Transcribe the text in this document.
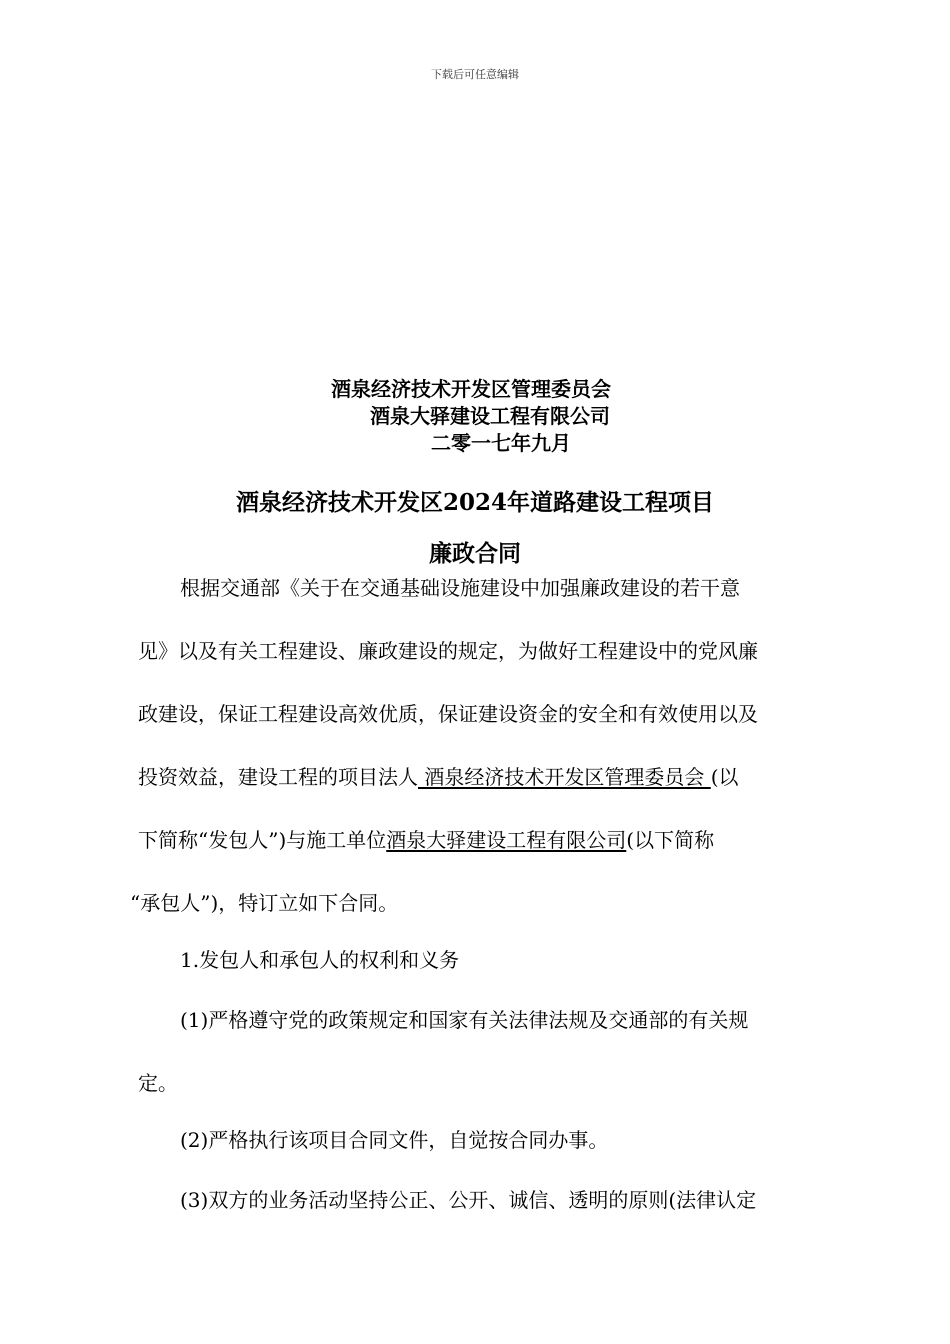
下载后可任意编辑
酒泉经济技术开发区管理委员会
酒泉大驿建设工程有限公司
二零一七年九月
酒泉经济技术开发区2024年道路建设工程项目
廉政合同
根据交通部《关于在交通基础设施建设中加强廉政建设的若干意
见》以及有关工程建设、廉政建设的规定，为做好工程建设中的党风廉
政建设，保证工程建设高效优质，保证建设资金的安全和有效使用以及
投资效益，建设工程的项目法人 酒泉经济技术开发区管理委员会 (以
下简称“发包人”)与施工单位酒泉大驿建设工程有限公司(以下简称
“承包人”)，特订立如下合同。
1.发包人和承包人的权利和义务
(1)严格遵守党的政策规定和国家有关法律法规及交通部的有关规
定。
(2)严格执行该项目合同文件，自觉按合同办事。
(3)双方的业务活动坚持公正、公开、诚信、透明的原则(法律认定
